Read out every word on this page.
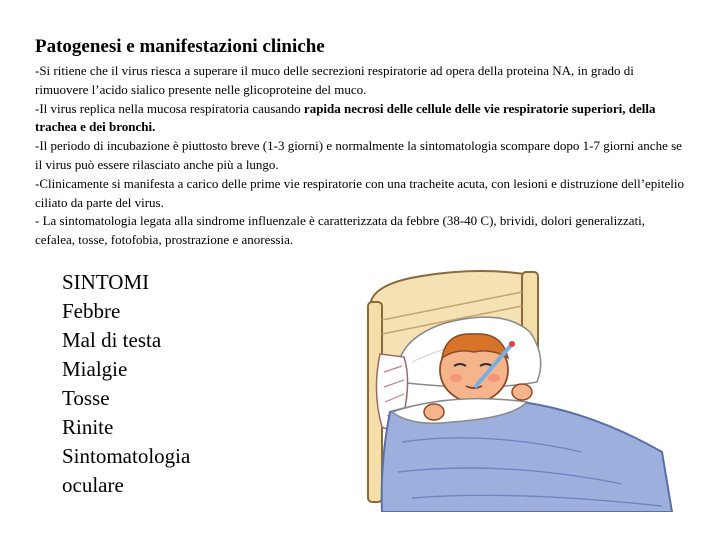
Patogenesi e manifestazioni cliniche

-Si ritiene che il virus riesca a superare il muco delle secrezioni respiratorie ad opera della proteina NA, in grado di rimuovere l’acido sialico presente nelle glicoproteine del muco.

-Il virus replica nella mucosa respiratoria causando rapida necrosi delle cellule delle vie respiratorie superiori, della trachea e dei bronchi.

-Il periodo di incubazione è piuttosto breve (1-3 giorni) e normalmente la sintomatologia scompare dopo 1-7 giorni anche se il virus può essere rilasciato anche più a lungo.

-Clinicamente si manifesta a carico delle prime vie respiratorie con una tracheite acuta, con lesioni e distruzione dell’epitelio ciliato da parte del virus.

- La sintomatologia legata alla sindrome influenzale è caratterizzata da febbre (38-40 C), brividi, dolori generalizzati, cefalea, tosse, fotofobia, prostrazione e anoressia.

SINTOMI
Febbre
Mal di testa
Mialgie
Tosse
Rinite
Sintomatologia
oculare
